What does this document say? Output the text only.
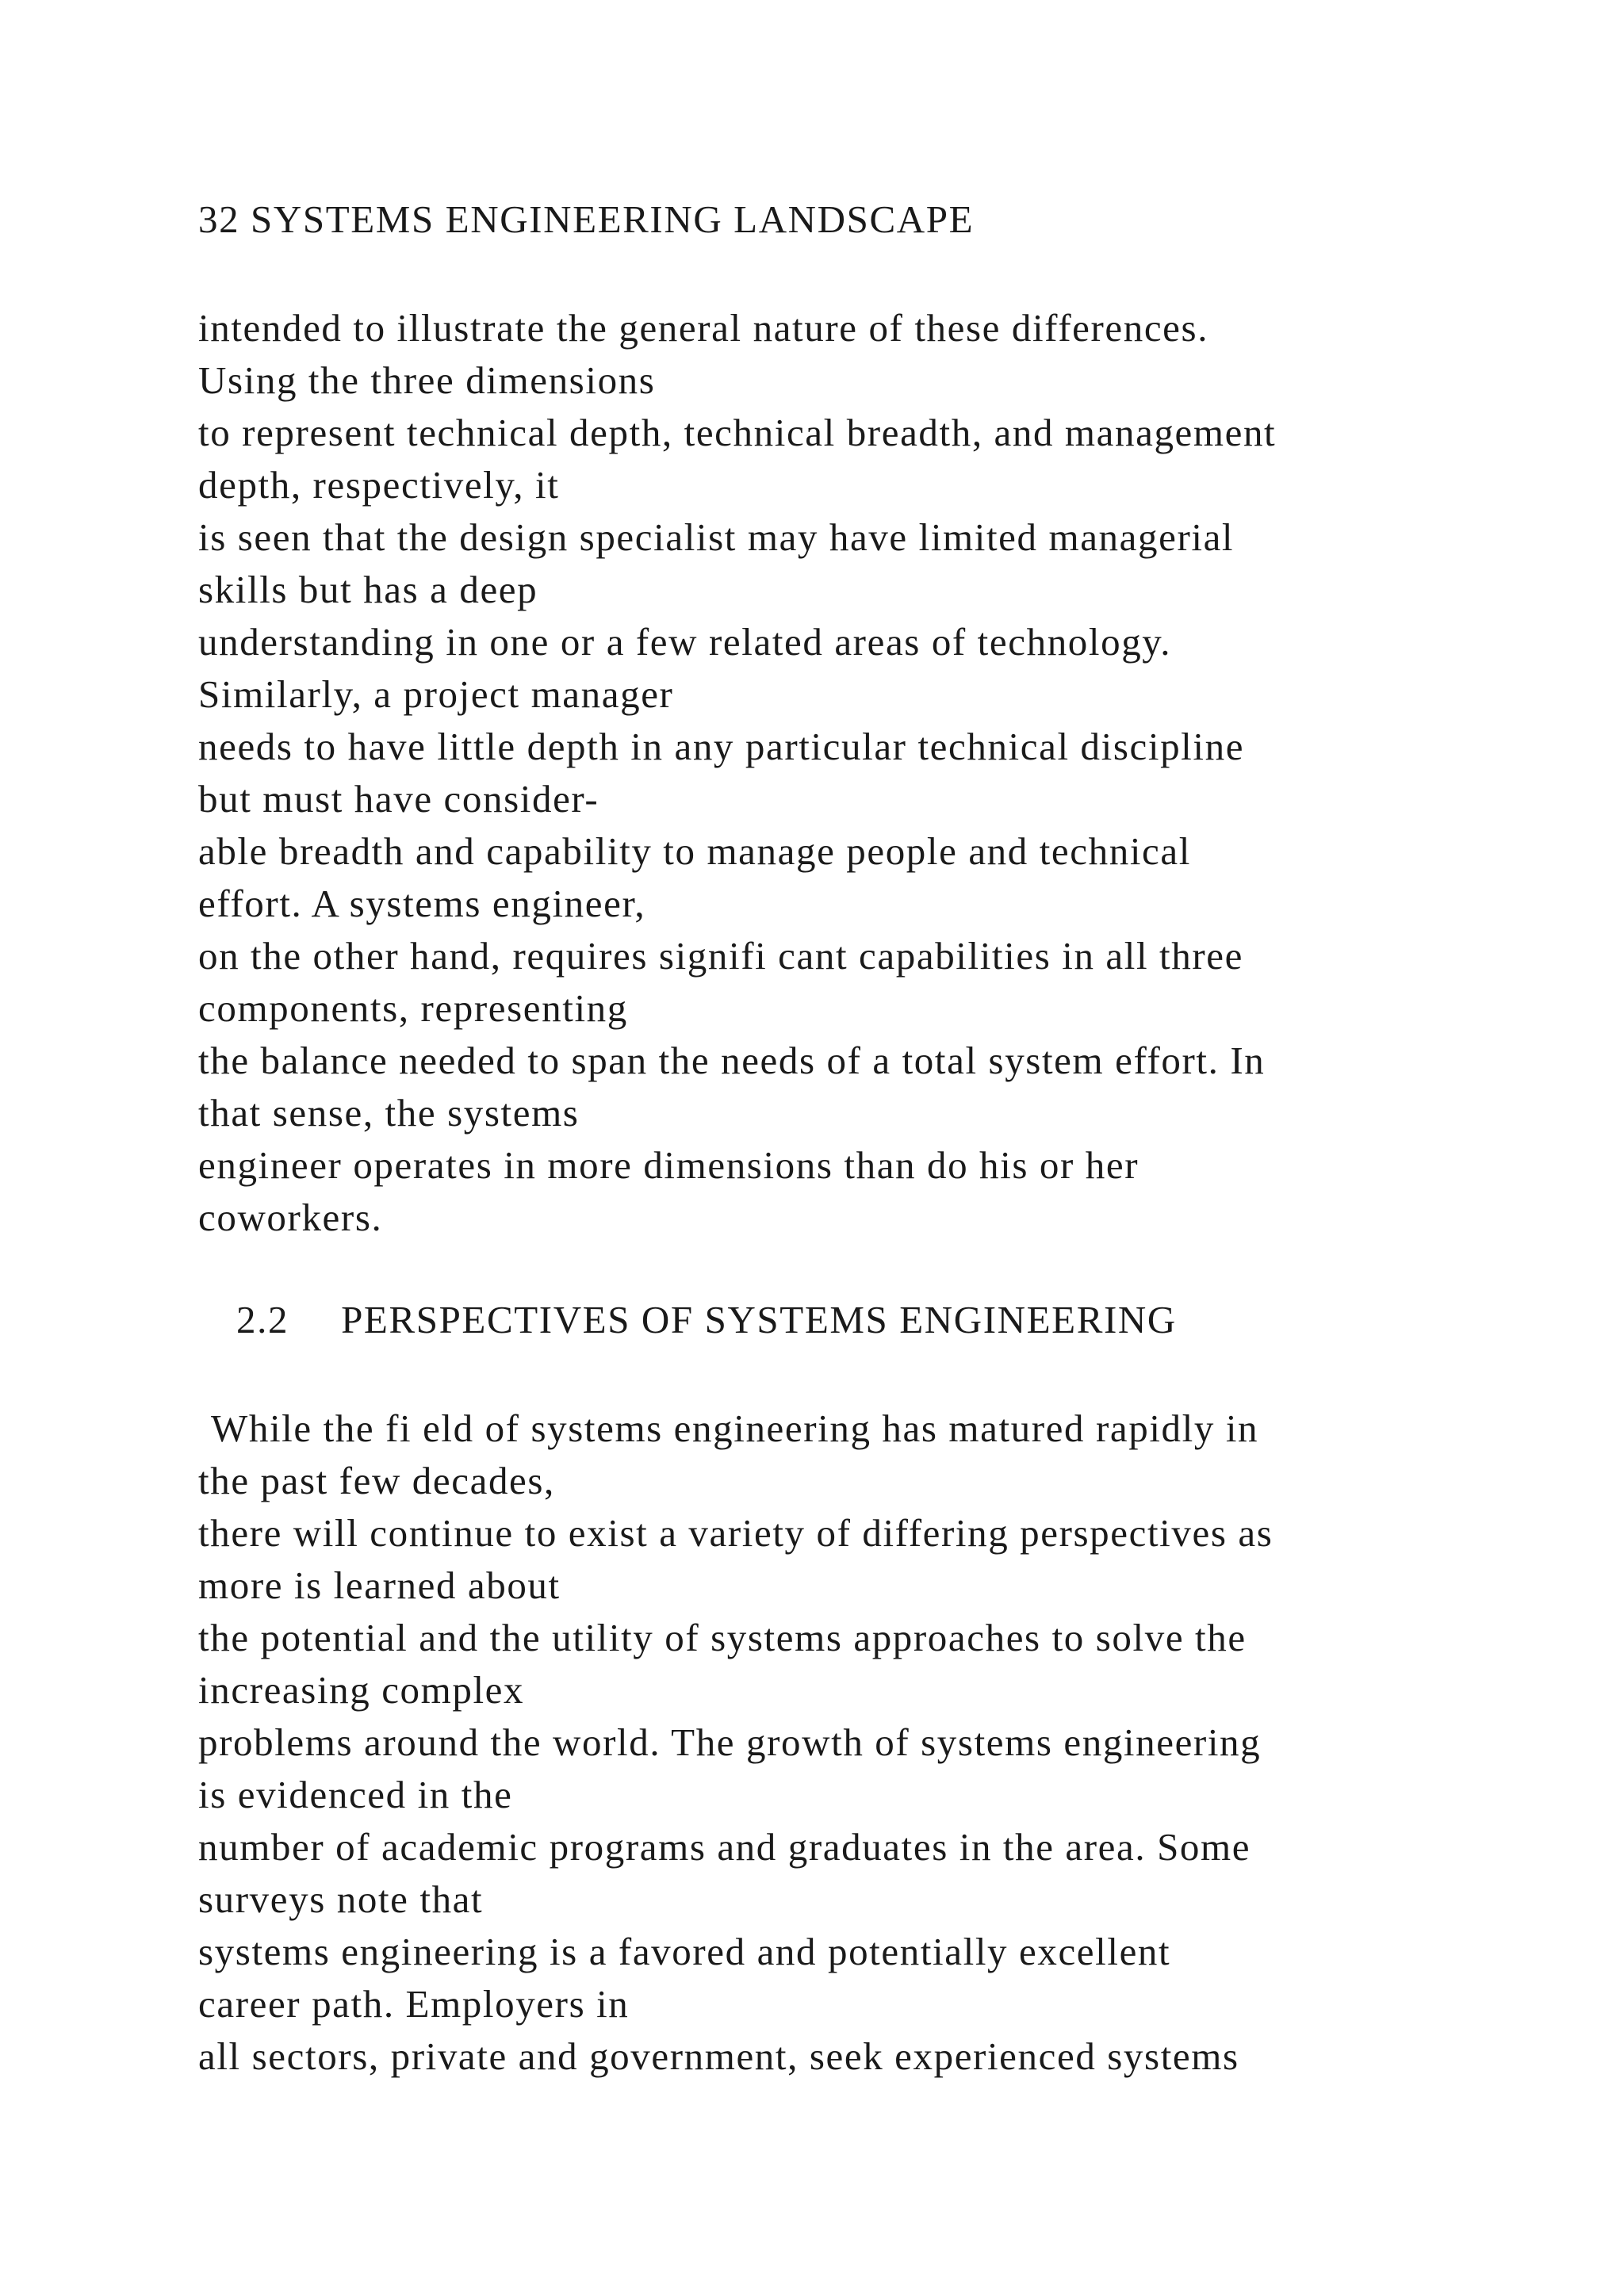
32 SYSTEMS ENGINEERING LANDSCAPE
intended to illustrate the general nature of these differences.
Using the three dimensions
to represent technical depth, technical breadth, and management
depth, respectively, it
is seen that the design specialist may have limited managerial
skills but has a deep
understanding in one or a few related areas of technology.
Similarly, a project manager
needs to have little depth in any particular technical discipline
but must have consider-
able breadth and capability to manage people and technical
effort. A systems engineer,
on the other hand, requires signifi cant capabilities in all three
components, representing
the balance needed to span the needs of a total system effort. In
that sense, the systems
engineer operates in more dimensions than do his or her
coworkers.
2.2 PERSPECTIVES OF SYSTEMS ENGINEERING
While the fi eld of systems engineering has matured rapidly in
the past few decades,
there will continue to exist a variety of differing perspectives as
more is learned about
the potential and the utility of systems approaches to solve the
increasing complex
problems around the world. The growth of systems engineering
is evidenced in the
number of academic programs and graduates in the area. Some
surveys note that
systems engineering is a favored and potentially excellent
career path. Employers in
all sectors, private and government, seek experienced systems
